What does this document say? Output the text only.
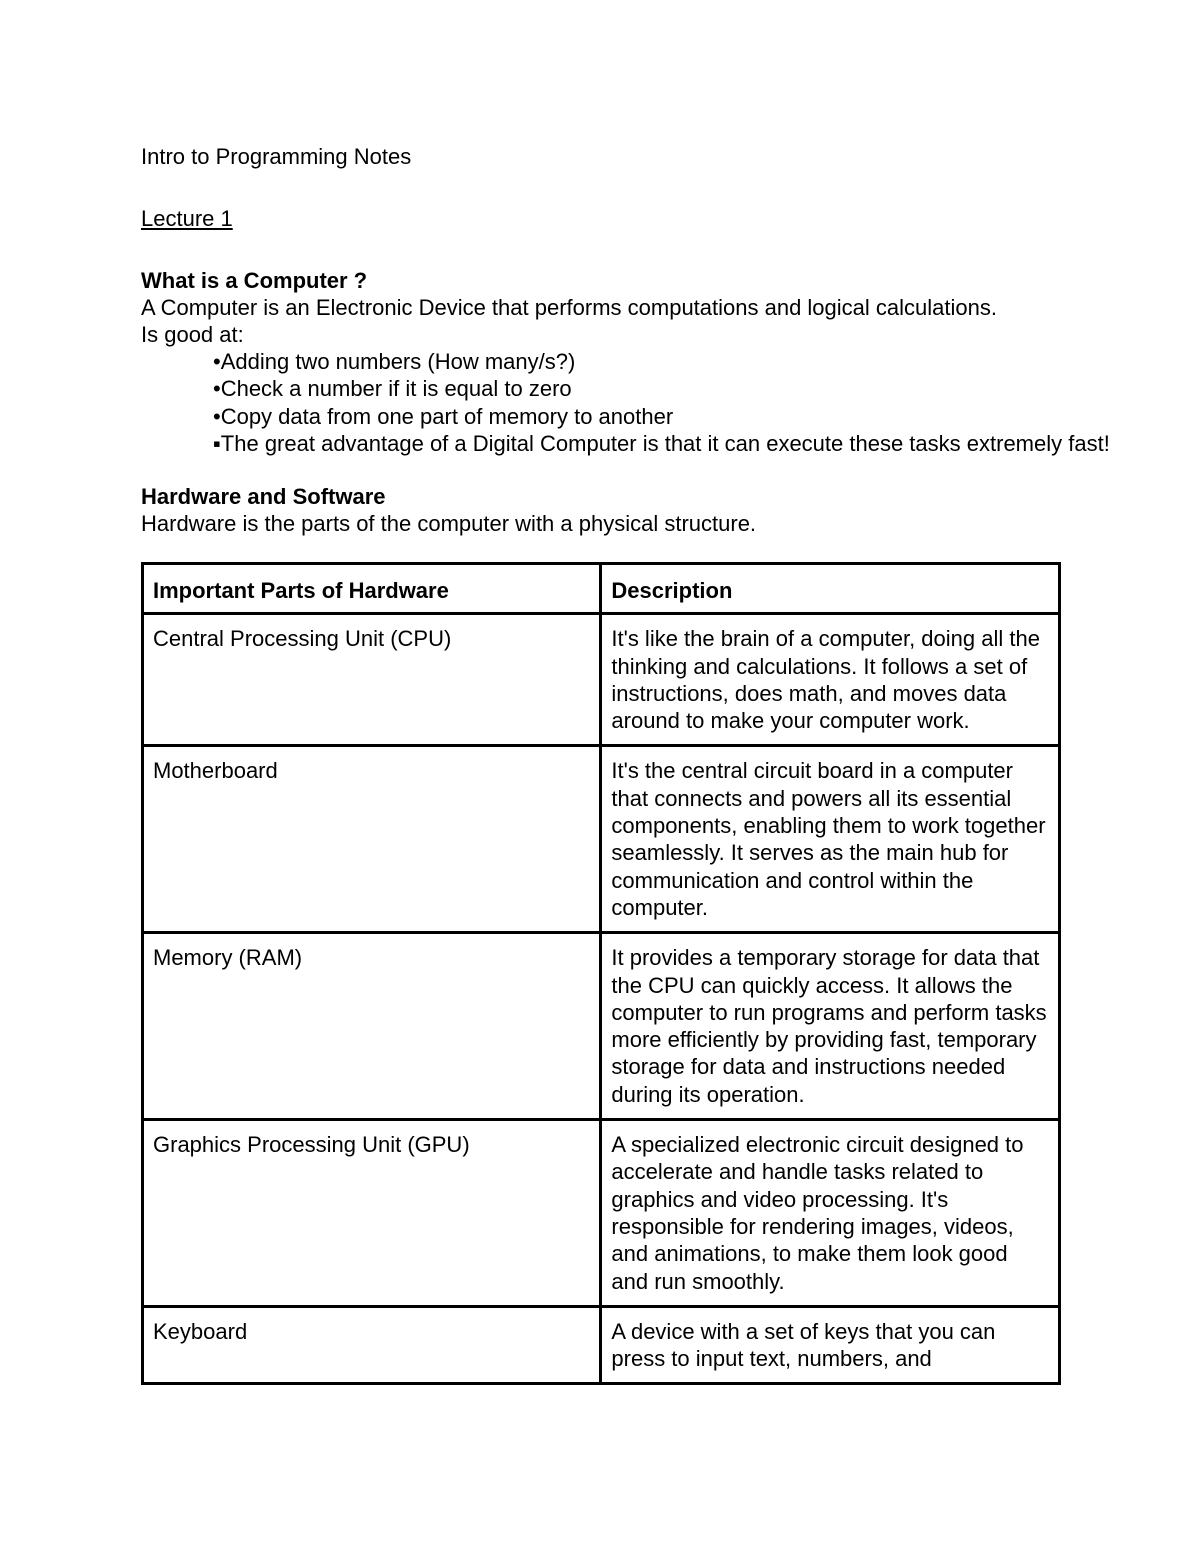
Intro to Programming Notes
Lecture 1
What is a Computer ?
A Computer is an Electronic Device that performs computations and logical calculations.
Is good at:
•Adding two numbers (How many/s?)
•Check a number if it is equal to zero
•Copy data from one part of memory to another
▪The great advantage of a Digital Computer is that it can execute these tasks extremely fast!
Hardware and Software
Hardware is the parts of the computer with a physical structure.
Important Parts of Hardware	Description
Central Processing Unit (CPU)	It's like the brain of a computer, doing all the thinking and calculations. It follows a set of instructions, does math, and moves data around to make your computer work.
Motherboard	It's the central circuit board in a computer that connects and powers all its essential components, enabling them to work together seamlessly. It serves as the main hub for communication and control within the computer.
Memory (RAM)	It provides a temporary storage for data that the CPU can quickly access. It allows the computer to run programs and perform tasks more efficiently by providing fast, temporary storage for data and instructions needed during its operation.
Graphics Processing Unit (GPU)	A specialized electronic circuit designed to accelerate and handle tasks related to graphics and video processing. It's responsible for rendering images, videos, and animations, to make them look good and run smoothly.
Keyboard	A device with a set of keys that you can press to input text, numbers, and
